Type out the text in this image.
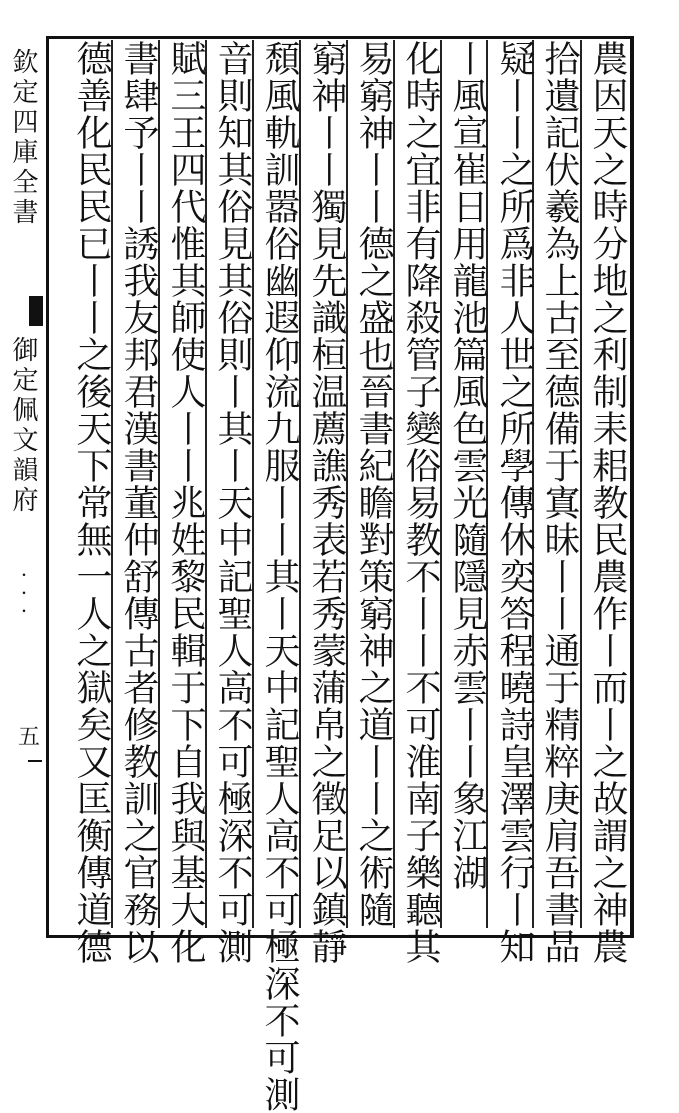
欽定四庫全書
御定佩文韻府
・・・
五	農因天之時分地之利制耒耜教民農作丨而丨之故謂之神農
拾遺記伏羲為上古至德備于寘昧丨丨通于精粹庚肩吾書品
疑丨丨之所爲非人世之所學傳休奕答程曉詩皇澤雲行丨知
丨風宣崔日用龍池篇風色雲光隨隱見赤雲丨丨象江湖
化時之宜非有降殺管子變俗易教不丨丨不可淮南子樂聽其
易窮神丨丨德之盛也晉書紀瞻對策窮神之道丨丨之術隨
窮神丨丨獨見先識桓温薦譙秀表若秀蒙蒲帛之徵足以鎮靜
頹風軌訓嚣俗幽遐仰流九服丨丨其丨天中記聖人高不可極深不可測
音則知其俗見其俗則丨其丨天中記聖人高不可極深不可測
賦三王四代惟其師使人丨丨兆姓黎民輯于下自我與基大化
書肆予丨丨誘我友邦君漢書董仲舒傳古者修教訓之官務以
德善化民民已丨丨之後天下常無一人之獄矣又匡衡傳道德
